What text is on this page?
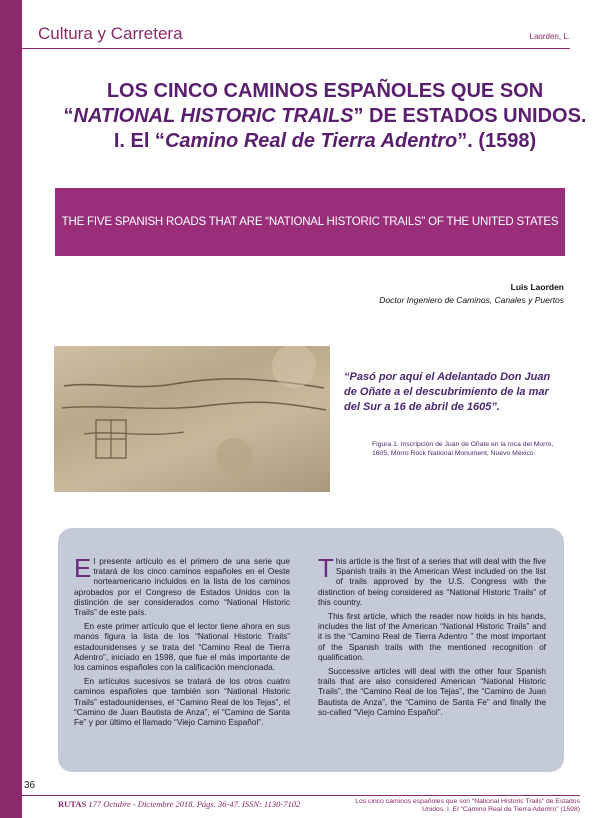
Cultura y Carretera	Laorden, L.
LOS CINCO CAMINOS ESPAÑOLES QUE SON
“NATIONAL HISTORIC TRAILS” DE ESTADOS UNIDOS.
I. El “Camino Real de Tierra Adentro”. (1598)
THE FIVE SPANISH ROADS THAT ARE “NATIONAL HISTORIC TRAILS” OF THE UNITED STATES
Luis Laorden
Doctor Ingeniero de Caminos, Canales y Puertos
“Pasó por aquí el Adelantado Don Juan de Oñate a el descubrimiento de la mar del Sur a 16 de abril de 1605”.
Figura 1. Inscripción de Juan de Oñate en la roca del Morro, 1605, Morro Rock National Monument, Nuevo México.

El presente artículo es el primero de una serie que tratará de los cinco caminos españoles en el Oeste norteamericano incluidos en la lista de los caminos aprobados por el Congreso de Estados Unidos con la distinción de ser considerados como “National Historic Trails” de este país.

En este primer artículo que el lector tiene ahora en sus manos figura la lista de los “National Historic Trails” estadounidenses y se trata del “Camino Real de Tierra Adentro”, iniciado en 1598, que fue el más importante de los caminos españoles con la calificación mencionada.

En artículos sucesivos se tratará de los otros cuatro caminos españoles que también son “National Historic Trails” estadounidenses, el “Camino Real de los Tejas”, el “Camino de Juan Bautista de Anza”, el “Camino de Santa Fe” y por último el llamado “Viejo Camino Español”.

This article is the first of a series that will deal with the five Spanish trails in the American West included on the list of trails approved by the U.S. Congress with the distinction of being considered as “National Historic Trails” of this country.

This first article, which the reader now holds in his hands, includes the list of the American “National Historic Trails” and it is the “Camino Real de Tierra Adentro ” the most important of the Spanish trails with the mentioned recognition of qualification.

Successive articles will deal with the other four Spanish trails that are also considered American “National Historic Trails”, the “Camino Real de los Tejas”, the “Camino de Juan Bautista de Anza”, the “Camino de Santa Fe” and finally the so-called “Viejo Camino Español”.

36
RUTAS 177 Octubre - Diciembre 2018. Págs. 36-47. ISSN: 1130-7102	Los cinco caminos españoles que son “National Historic Trails” de Estados Unidos. I. El “Camino Real de Tierra Adentro” (1598)
